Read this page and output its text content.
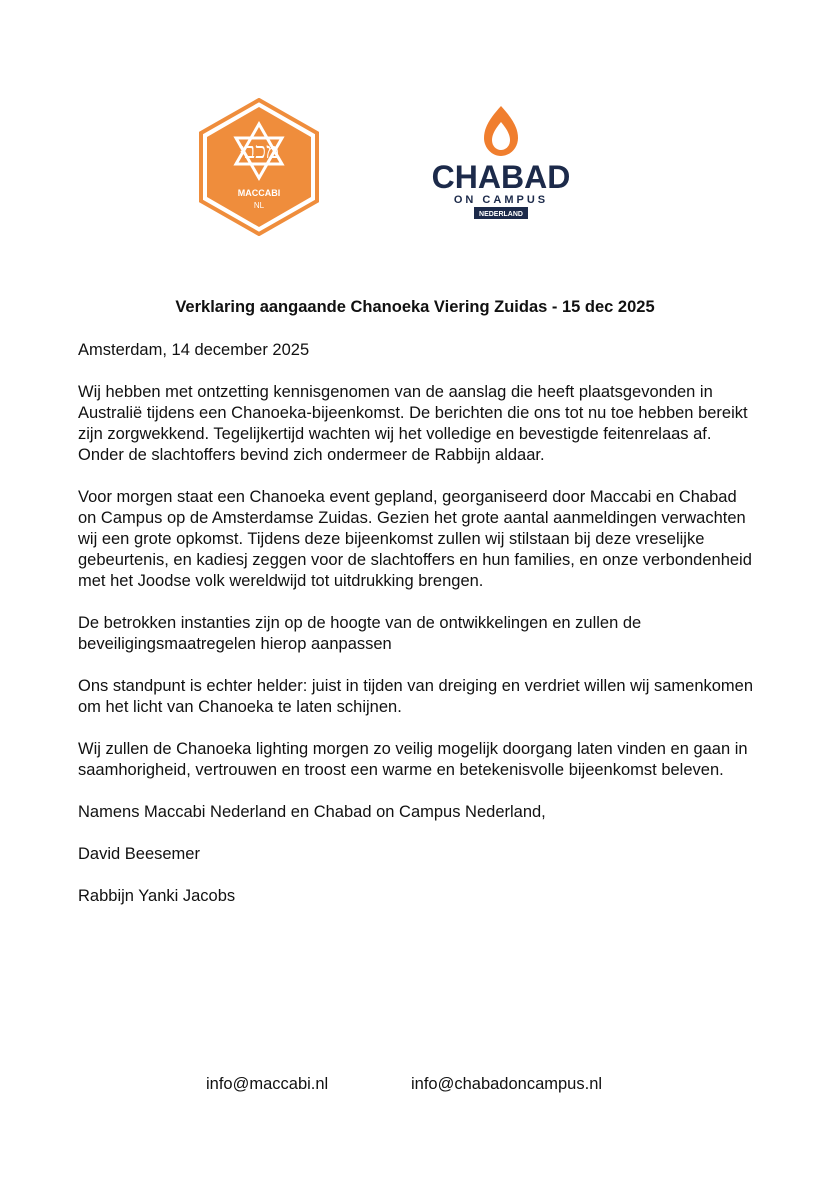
מכבי
MACCABI
NL
CHABAD
ON CAMPUS
NEDERLAND
Verklaring aangaande Chanoeka Viering Zuidas - 15 dec 2025

Amsterdam, 14 december 2025

Wij hebben met ontzetting kennisgenomen van de aanslag die heeft plaatsgevonden in Australië tijdens een Chanoeka-bijeenkomst. De berichten die ons tot nu toe hebben bereikt zijn zorgwekkend. Tegelijkertijd wachten wij het volledige en bevestigde feitenrelaas af. Onder de slachtoffers bevind zich ondermeer de Rabbijn aldaar.

Voor morgen staat een Chanoeka event gepland, georganiseerd door Maccabi en Chabad on Campus op de Amsterdamse Zuidas. Gezien het grote aantal aanmeldingen verwachten wij een grote opkomst. Tijdens deze bijeenkomst zullen wij stilstaan bij deze vreselijke gebeurtenis, en kadiesj zeggen voor de slachtoffers en hun families, en onze verbondenheid met het Joodse volk wereldwijd tot uitdrukking brengen.

De betrokken instanties zijn op de hoogte van de ontwikkelingen en zullen de beveiligingsmaatregelen hierop aanpassen

Ons standpunt is echter helder: juist in tijden van dreiging en verdriet willen wij samenkomen om het licht van Chanoeka te laten schijnen.

Wij zullen de Chanoeka lighting morgen zo veilig mogelijk doorgang laten vinden en gaan in saamhorigheid, vertrouwen en troost een warme en betekenisvolle bijeenkomst beleven.

Namens Maccabi Nederland en Chabad on Campus Nederland,

David Beesemer

Rabbijn Yanki Jacobs

info@maccabi.nl	info@chabadoncampus.nl
